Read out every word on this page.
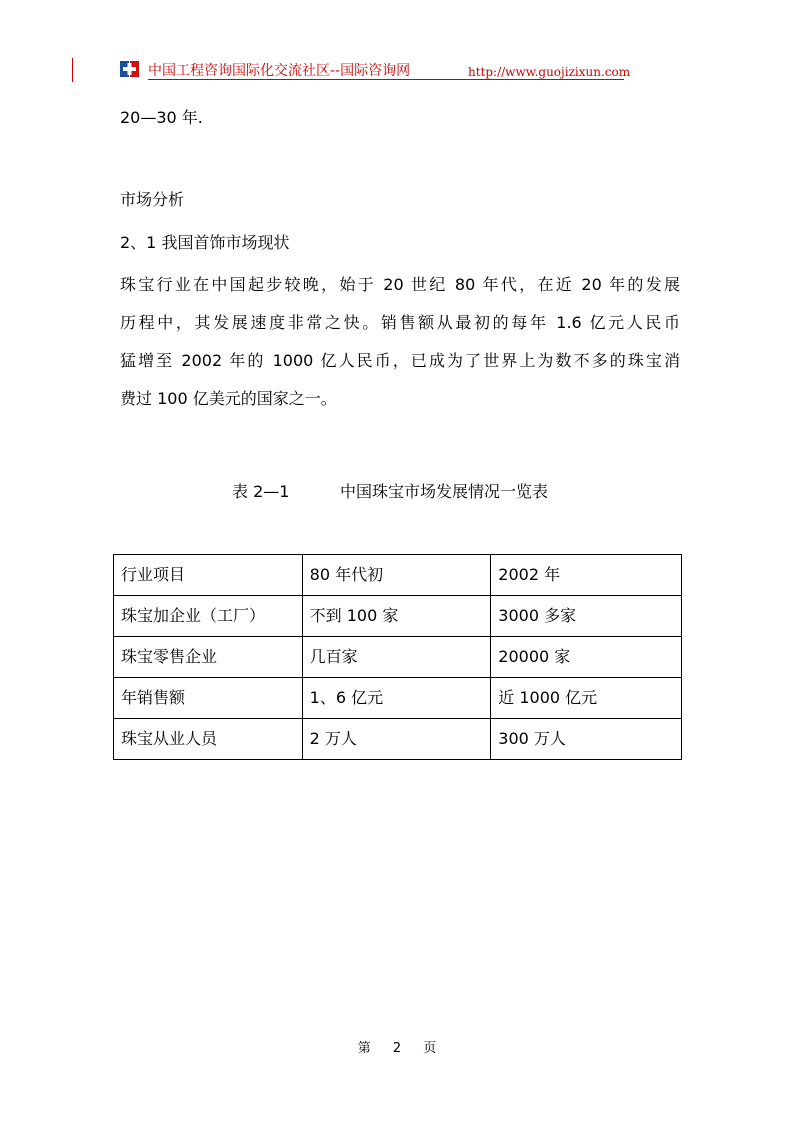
中国工程咨询国际化交流社区--国际咨询网	http://www.guojizixun.com
20—30 年.
市场分析
2、1 我国首饰市场现状
珠宝行业在中国起步较晚，始于 20 世纪 80 年代，在近 20 年的发展
历程中，其发展速度非常之快。销售额从最初的每年 1.6 亿元人民币
猛增至 2002 年的 1000 亿人民币，已成为了世界上为数不多的珠宝消
费过 100 亿美元的国家之一。
表 2—1	中国珠宝市场发展情况一览表
行业项目	80 年代初	2002 年
珠宝加企业（工厂）	不到 100 家	3000 多家
珠宝零售企业	几百家	20000 家
年销售额	1、6 亿元	近 1000 亿元
珠宝从业人员	2 万人	300 万人
第 2 页
